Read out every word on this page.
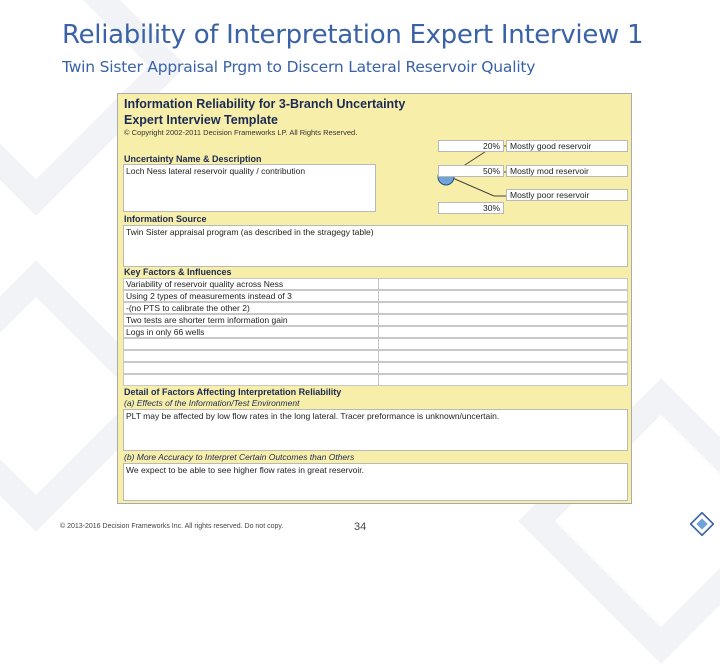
Reliability of Interpretation Expert Interview 1
Twin Sister Appraisal Prgm to Discern Lateral Reservoir Quality
Information Reliability for 3-Branch Uncertainty
Expert Interview Template
© Copyright 2002-2011 Decision Frameworks LP. All Rights Reserved.
Uncertainty Name & Description
Loch Ness lateral reservoir quality / contribution
20%	Mostly good reservoir
50%	Mostly mod reservoir
Mostly poor reservoir
30%
Information Source
Twin Sister appraisal program (as described in the stragegy table)
Key Factors & Influences
Variability of reservoir quality across Ness
Using 2 types of measurements instead of 3
-(no PTS to calibrate the other 2)
Two tests are shorter term information gain
Logs in only 66 wells
Detail of Factors Affecting Interpretation Reliability
(a) Effects of the Information/Test Environment
PLT may be affected by low flow rates in the long lateral. Tracer preformance is unknown/uncertain.
(b) More Accuracy to Interpret Certain Outcomes than Others
We expect to be able to see higher flow rates in great reservoir.
© 2013-2016 Decision Frameworks Inc. All rights reserved. Do not copy.	34
